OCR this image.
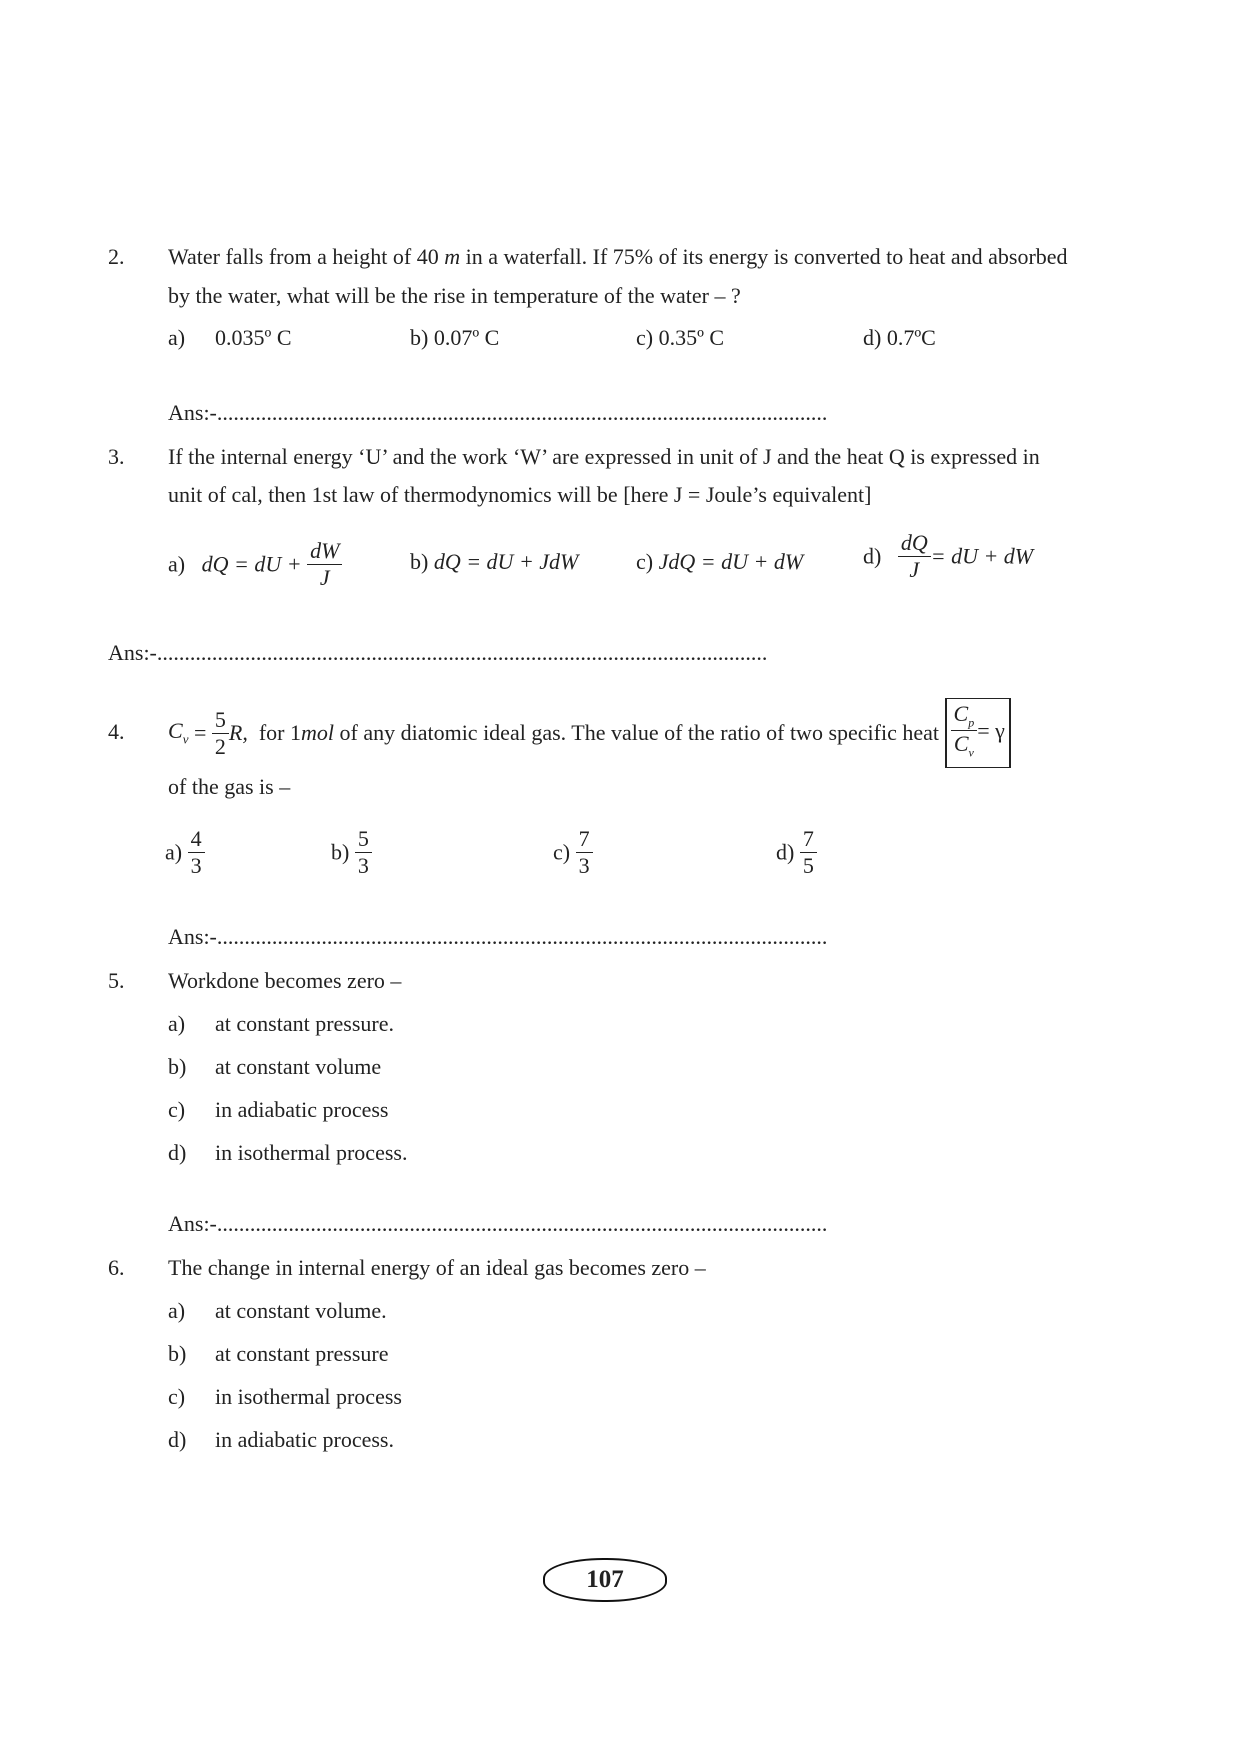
2. Water falls from a height of 40 m in a waterfall. If 75% of its energy is converted to heat and absorbed
by the water, what will be the rise in temperature of the water – ?
a) 0.035º C	b) 0.07º C	c) 0.35º C	d) 0.7ºC
Ans:-...............................................................................................................
3. If the internal energy ‘U’ and the work ‘W’ are expressed in unit of J and the heat Q is expressed in
unit of cal, then 1st law of thermodynomics will be [here J = Joule’s equivalent]
a) dQ = dU + $\frac{dW}{J}$	b) dQ = dU + JdW	c) JdQ = dU + dW	$d) \frac{dQ}{J}$ = dU + dW
Ans:-...............................................................................................................
4. $C_v = \frac{5}{2} R$, for 1mol of any diatomic ideal gas. The value of the ratio of two specific heat $\frac{C_p}{C_v} = \gamma$
of the gas is –
$a) \frac{4}{3}$	$b) \frac{5}{3}$	$c) \frac{7}{3}$	$d) \frac{7}{5}$
Ans:-...............................................................................................................
5. Workdone becomes zero –
a) at constant pressure.
b) at constant volume
c) in adiabatic process
d) in isothermal process.
Ans:-...............................................................................................................
6. The change in internal energy of an ideal gas becomes zero –
a) at constant volume.
b) at constant pressure
c) in isothermal process
d) in adiabatic process.
107
